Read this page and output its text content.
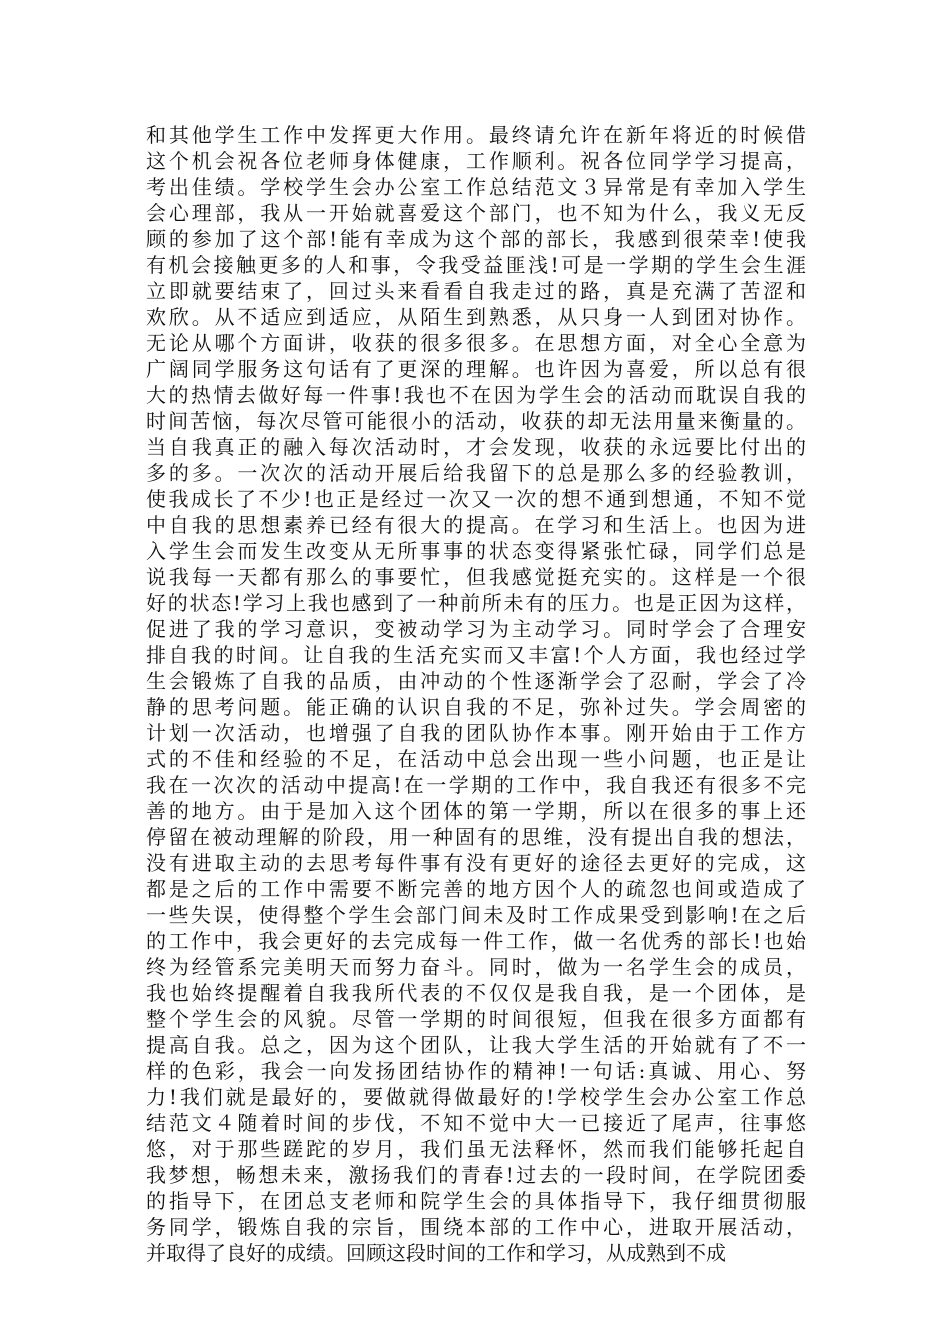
和其他学生工作中发挥更大作用。最终请允许在新年将近的时候借
这个机会祝各位老师身体健康，工作顺利。祝各位同学学习提高，
考出佳绩。学校学生会办公室工作总结范文３异常是有幸加入学生
会心理部，我从一开始就喜爱这个部门，也不知为什么，我义无反
顾的参加了这个部!能有幸成为这个部的部长，我感到很荣幸!使我
有机会接触更多的人和事，令我受益匪浅!可是一学期的学生会生涯
立即就要结束了，回过头来看看自我走过的路，真是充满了苦涩和
欢欣。从不适应到适应，从陌生到熟悉，从只身一人到团对协作。
无论从哪个方面讲，收获的很多很多。在思想方面，对全心全意为
广阔同学服务这句话有了更深的理解。也许因为喜爱，所以总有很
大的热情去做好每一件事!我也不在因为学生会的活动而耽误自我的
时间苦恼，每次尽管可能很小的活动，收获的却无法用量来衡量的。
当自我真正的融入每次活动时，才会发现，收获的永远要比付出的
多的多。一次次的活动开展后给我留下的总是那么多的经验教训，
使我成长了不少!也正是经过一次又一次的想不通到想通，不知不觉
中自我的思想素养已经有很大的提高。在学习和生活上。也因为进
入学生会而发生改变从无所事事的状态变得紧张忙碌，同学们总是
说我每一天都有那么的事要忙，但我感觉挺充实的。这样是一个很
好的状态!学习上我也感到了一种前所未有的压力。也是正因为这样，
促进了我的学习意识，变被动学习为主动学习。同时学会了合理安
排自我的时间。让自我的生活充实而又丰富!个人方面，我也经过学
生会锻炼了自我的品质，由冲动的个性逐渐学会了忍耐，学会了冷
静的思考问题。能正确的认识自我的不足，弥补过失。学会周密的
计划一次活动，也增强了自我的团队协作本事。刚开始由于工作方
式的不佳和经验的不足，在活动中总会出现一些小问题，也正是让
我在一次次的活动中提高!在一学期的工作中，我自我还有很多不完
善的地方。由于是加入这个团体的第一学期，所以在很多的事上还
停留在被动理解的阶段，用一种固有的思维，没有提出自我的想法，
没有进取主动的去思考每件事有没有更好的途径去更好的完成，这
都是之后的工作中需要不断完善的地方因个人的疏忽也间或造成了
一些失误，使得整个学生会部门间未及时工作成果受到影响!在之后
的工作中，我会更好的去完成每一件工作，做一名优秀的部长!也始
终为经管系完美明天而努力奋斗。同时，做为一名学生会的成员，
我也始终提醒着自我我所代表的不仅仅是我自我，是一个团体，是
整个学生会的风貌。尽管一学期的时间很短，但我在很多方面都有
提高自我。总之，因为这个团队，让我大学生活的开始就有了不一
样的色彩，我会一向发扬团结协作的精神!一句话:真诚、用心、努
力!我们就是最好的，要做就得做最好的!学校学生会办公室工作总
结范文４随着时间的步伐，不知不觉中大一已接近了尾声，往事悠
悠，对于那些蹉跎的岁月，我们虽无法释怀，然而我们能够托起自
我梦想，畅想未来，激扬我们的青春!过去的一段时间，在学院团委
的指导下，在团总支老师和院学生会的具体指导下，我仔细贯彻服
务同学，锻炼自我的宗旨，围绕本部的工作中心，进取开展活动，
并取得了良好的成绩。回顾这段时间的工作和学习，从成熟到不成
